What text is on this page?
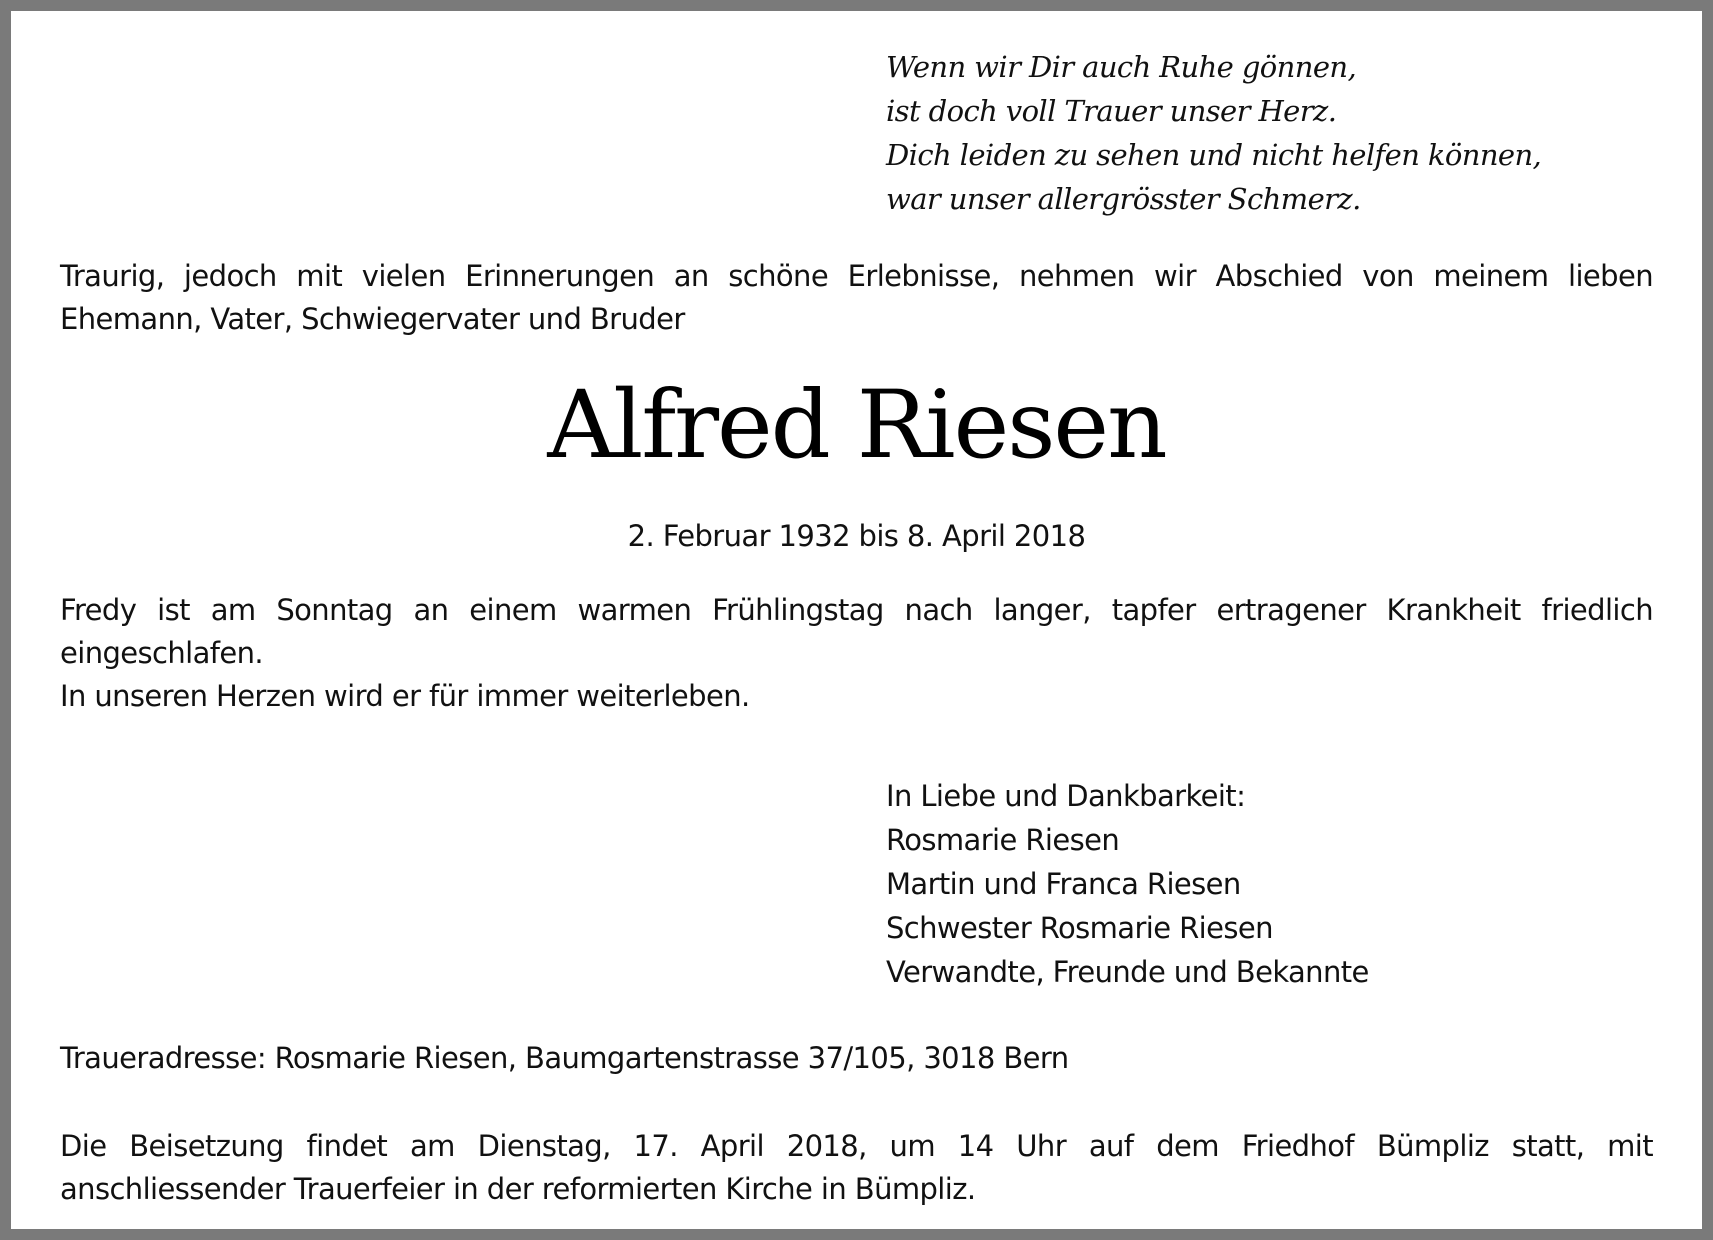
Wenn wir Dir auch Ruhe gönnen,
ist doch voll Trauer unser Herz.
Dich leiden zu sehen und nicht helfen können,
war unser allergrösster Schmerz.
Traurig, jedoch mit vielen Erinnerungen an schöne Erlebnisse, nehmen wir Abschied von meinem lieben Ehemann, Vater, Schwiegervater und Bruder
Alfred Riesen
2. Februar 1932 bis 8. April 2018
Fredy ist am Sonntag an einem warmen Frühlingstag nach langer, tapfer ertragener Krankheit friedlich eingeschlafen.
In unseren Herzen wird er für immer weiterleben.
In Liebe und Dankbarkeit:
Rosmarie Riesen
Martin und Franca Riesen
Schwester Rosmarie Riesen
Verwandte, Freunde und Bekannte
Traueradresse: Rosmarie Riesen, Baumgartenstrasse 37/105, 3018 Bern
Die Beisetzung findet am Dienstag, 17. April 2018, um 14 Uhr auf dem Friedhof Bümpliz statt, mit anschliessender Trauerfeier in der reformierten Kirche in Bümpliz.
